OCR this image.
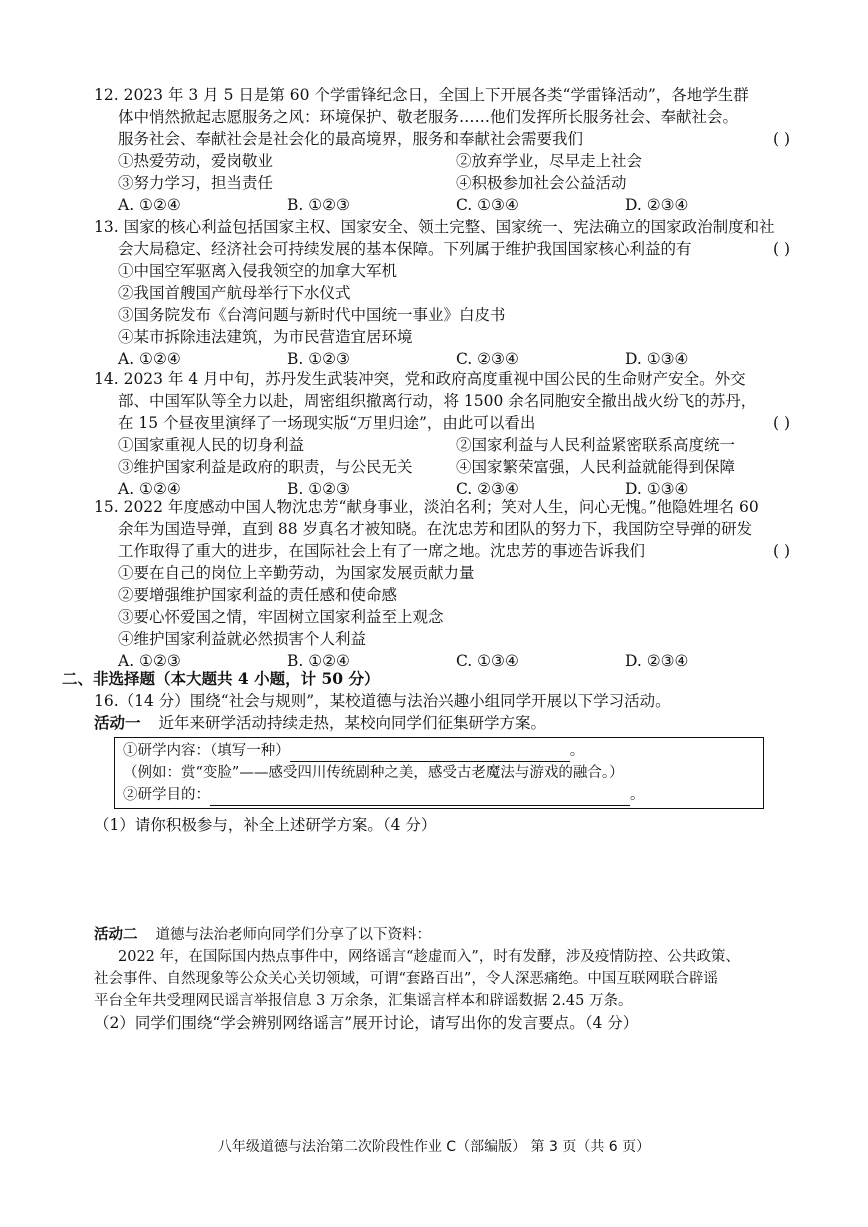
12. 2023 年 3 月 5 日是第 60 个学雷锋纪念日，全国上下开展各类“学雷锋活动”，各地学生群
体中悄然掀起志愿服务之风：环境保护、敬老服务……他们发挥所长服务社会、奉献社会。
服务社会、奉献社会是社会化的最高境界，服务和奉献社会需要我们	( )
①热爱劳动，爱岗敬业	②放弃学业，尽早走上社会
③努力学习，担当责任	④积极参加社会公益活动
A. ①②④	B. ①②③	C. ①③④	D. ②③④
13. 国家的核心利益包括国家主权、国家安全、领土完整、国家统一、宪法确立的国家政治制度和社
会大局稳定、经济社会可持续发展的基本保障。下列属于维护我国国家核心利益的有	( )
①中国空军驱离入侵我领空的加拿大军机
②我国首艘国产航母举行下水仪式
③国务院发布《台湾问题与新时代中国统一事业》白皮书
④某市拆除违法建筑，为市民营造宜居环境
A. ①②④	B. ①②③	C. ②③④	D. ①③④
14. 2023 年 4 月中旬，苏丹发生武装冲突，党和政府高度重视中国公民的生命财产安全。外交
部、中国军队等全力以赴，周密组织撤离行动，将 1500 余名同胞安全撤出战火纷飞的苏丹，
在 15 个昼夜里演绎了一场现实版“万里归途”，由此可以看出	( )
①国家重视人民的切身利益	②国家利益与人民利益紧密联系高度统一
③维护国家利益是政府的职责，与公民无关	④国家繁荣富强，人民利益就能得到保障
A. ①②④	B. ①②③	C. ②③④	D. ①③④
15. 2022 年度感动中国人物沈忠芳“献身事业，淡泊名利；笑对人生，问心无愧。”他隐姓埋名 60
余年为国造导弹，直到 88 岁真名才被知晓。在沈忠芳和团队的努力下，我国防空导弹的研发
工作取得了重大的进步，在国际社会上有了一席之地。沈忠芳的事迹告诉我们	( )
①要在自己的岗位上辛勤劳动，为国家发展贡献力量
②要增强维护国家利益的责任感和使命感
③要心怀爱国之情，牢固树立国家利益至上观念
④维护国家利益就必然损害个人利益
A. ①②③	B. ①②④	C. ①③④	D. ②③④
二、非选择题（本大题共 4 小题，计 50 分）
16.（14 分）围绕“社会与规则”，某校道德与法治兴趣小组同学开展以下学习活动。
活动一 近年来研学活动持续走热，某校向同学们征集研学方案。
①研学内容：（填写一种）	。
（例如：赏“变脸”——感受四川传统剧种之美，感受古老魔法与游戏的融合。）
②研学目的：	。
（1）请你积极参与，补全上述研学方案。（4 分）
活动二 道德与法治老师向同学们分享了以下资料：
2022 年，在国际国内热点事件中，网络谣言“趁虚而入”，时有发酵，涉及疫情防控、公共政策、
社会事件、自然现象等公众关心关切领域，可谓“套路百出”，令人深恶痛绝。中国互联网联合辟谣
平台全年共受理网民谣言举报信息 3 万余条，汇集谣言样本和辟谣数据 2.45 万条。
（2）同学们围绕“学会辨别网络谣言”展开讨论，请写出你的发言要点。（4 分）
八年级道德与法治第二次阶段性作业 C（部编版） 第 3 页（共 6 页）
